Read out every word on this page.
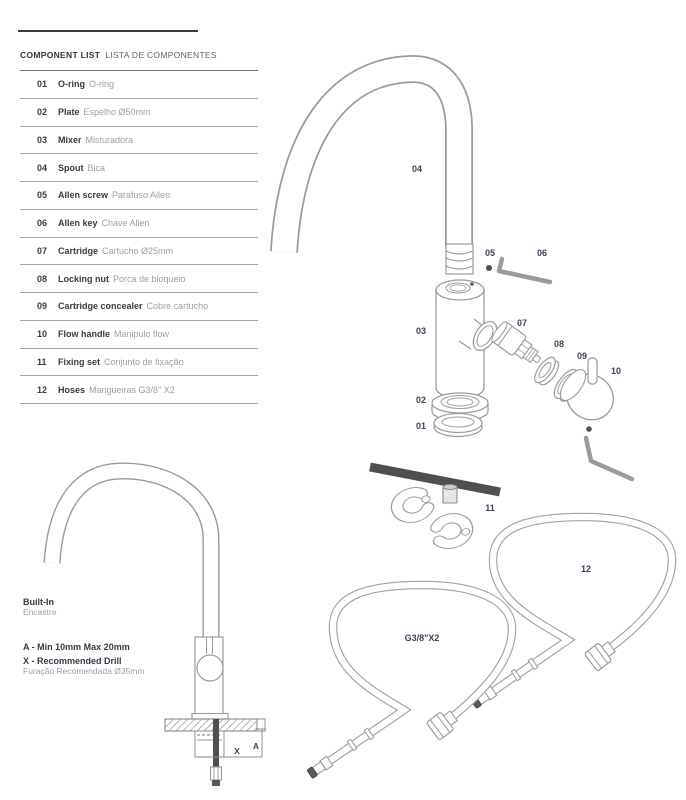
COMPONENT LIST LISTA DE COMPONENTES
01	O-ring O-ring
02	Plate Espelho Ø50mm
03	Mixer Misturadora
04	Spout Bica
05	Allen screw Parafuso Allen
06	Allen key Chave Allen
07	Cartridge Cartucho Ø25mm
08	Locking nut Porca de bloqueio
09	Cartridge concealer Cobre cartucho
10	Flow handle Manipulo flow
11	Fixing set Conjunto de fixação
12	Hoses Mangueiras G3/8" X2
Built-In
Encastre
A - Min 10mm Max 20mm
X - Recommended Drill
Furação Recomendada Ø35mm
04
05	06
03
07
08
09
10
02
01
12
G3/8"X2
11
A
X
